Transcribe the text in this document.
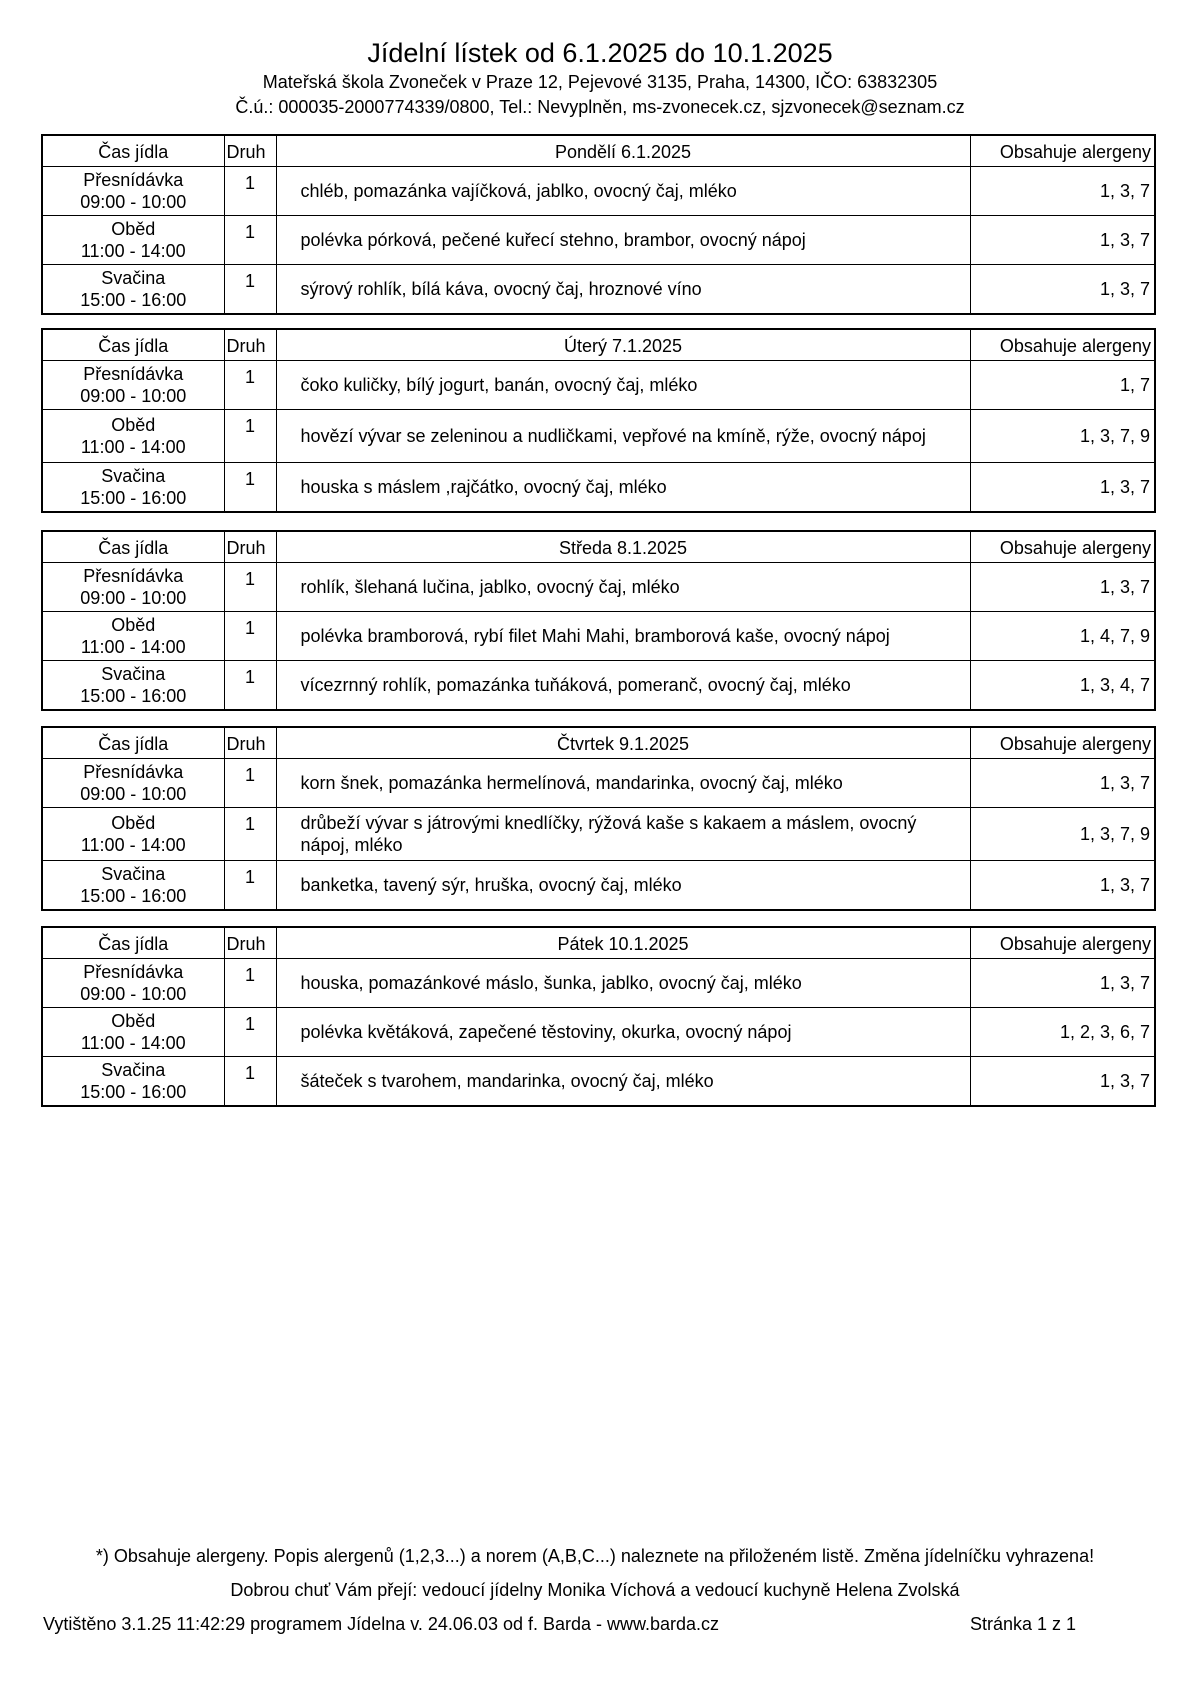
Jídelní lístek od 6.1.2025 do 10.1.2025
Mateřská škola Zvoneček v Praze 12, Pejevové 3135, Praha, 14300, IČO: 63832305
Č.ú.: 000035-2000774339/0800, Tel.: Nevyplněn, ms-zvonecek.cz, sjzvonecek@seznam.cz
Čas jídla	Druh	Pondělí 6.1.2025	Obsahuje alergeny

Přesnídávka
09:00 - 10:00	1	chléb, pomazánka vajíčková, jablko, ovocný čaj, mléko	1, 3, 7

Oběd
11:00 - 14:00	1	polévka pórková, pečené kuřecí stehno, brambor, ovocný nápoj	1, 3, 7

Svačina
15:00 - 16:00	1	sýrový rohlík, bílá káva, ovocný čaj, hroznové víno	1, 3, 7
Čas jídla	Druh	Úterý 7.1.2025	Obsahuje alergeny

Přesnídávka
09:00 - 10:00	1	čoko kuličky, bílý jogurt, banán, ovocný čaj, mléko	1, 7

Oběd
11:00 - 14:00	1	hovězí vývar se zeleninou a nudličkami, vepřové na kmíně, rýže, ovocný nápoj	1, 3, 7, 9

Svačina
15:00 - 16:00	1	houska s máslem ,rajčátko, ovocný čaj, mléko	1, 3, 7
Čas jídla	Druh	Středa 8.1.2025	Obsahuje alergeny

Přesnídávka
09:00 - 10:00	1	rohlík, šlehaná lučina, jablko, ovocný čaj, mléko	1, 3, 7

Oběd
11:00 - 14:00	1	polévka bramborová, rybí filet Mahi Mahi, bramborová kaše, ovocný nápoj	1, 4, 7, 9

Svačina
15:00 - 16:00	1	vícezrnný rohlík, pomazánka tuňáková, pomeranč, ovocný čaj, mléko	1, 3, 4, 7
Čas jídla	Druh	Čtvrtek 9.1.2025	Obsahuje alergeny

Přesnídávka
09:00 - 10:00	1	korn šnek, pomazánka hermelínová, mandarinka, ovocný čaj, mléko	1, 3, 7

Oběd
11:00 - 14:00	1	drůbeží vývar s játrovými knedlíčky, rýžová kaše s kakaem a máslem, ovocný nápoj, mléko	1, 3, 7, 9

Svačina
15:00 - 16:00	1	banketka, tavený sýr, hruška, ovocný čaj, mléko	1, 3, 7
Čas jídla	Druh	Pátek 10.1.2025	Obsahuje alergeny

Přesnídávka
09:00 - 10:00	1	houska, pomazánkové máslo, šunka, jablko, ovocný čaj, mléko	1, 3, 7

Oběd
11:00 - 14:00	1	polévka květáková, zapečené těstoviny, okurka, ovocný nápoj	1, 2, 3, 6, 7

Svačina
15:00 - 16:00	1	šáteček s tvarohem, mandarinka, ovocný čaj, mléko	1, 3, 7
*) Obsahuje alergeny. Popis alergenů (1,2,3...) a norem (A,B,C...) naleznete na přiloženém listě. Změna jídelníčku vyhrazena!
Dobrou chuť Vám přejí: vedoucí jídelny Monika Víchová a vedoucí kuchyně Helena Zvolská
Vytištěno 3.1.25 11:42:29 programem Jídelna v. 24.06.03 od f. Barda - www.barda.cz	Stránka 1 z 1
